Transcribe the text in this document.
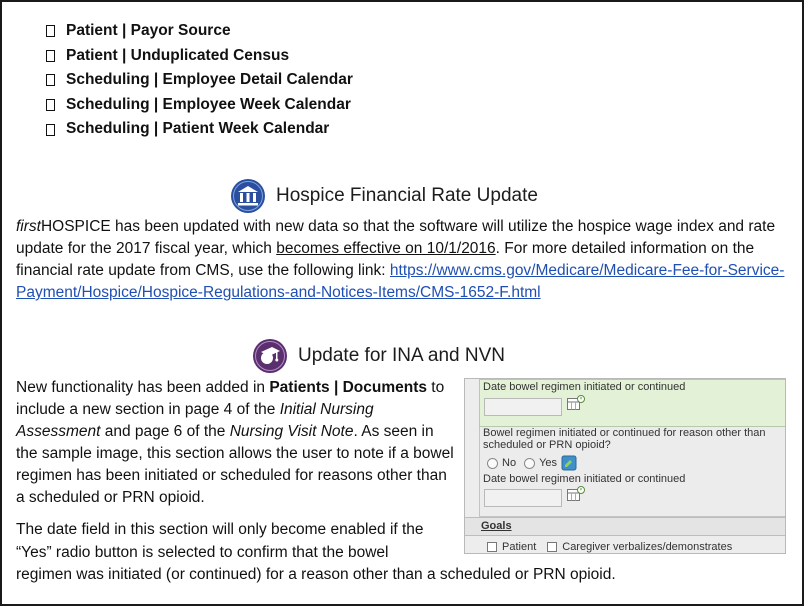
Patient | Payor Source
Patient | Unduplicated Census
Scheduling | Employee Detail Calendar
Scheduling | Employee Week Calendar
Scheduling | Patient Week Calendar
Hospice Financial Rate Update

firstHOSPICE has been updated with new data so that the software will utilize the hospice wage index and rate update for the 2017 fiscal year, which becomes effective on 10/1/2016. For more detailed information on the financial rate update from CMS, use the following link: https://www.cms.gov/Medicare/Medicare-Fee-for-Service-Payment/Hospice/Hospice-Regulations-and-Notices-Items/CMS-1652-F.html

Update for INA and NVN

New functionality has been added in Patients | Documents to include a new section in page 4 of the Initial Nursing Assessment and page 6 of the Nursing Visit Note. As seen in the sample image, this section allows the user to note if a bowel regimen has been initiated or scheduled for reasons other than a scheduled or PRN opioid.

The date field in this section will only become enabled if the
“Yes” radio button is selected to confirm that the bowel
regimen was initiated (or continued) for a reason other than a scheduled or PRN opioid.

Date bowel regimen initiated or continued
Bowel regimen initiated or continued for reason other than
scheduled or PRN opioid?
No Yes
Date bowel regimen initiated or continued
Goals
Patient Caregiver verbalizes/demonstrates
